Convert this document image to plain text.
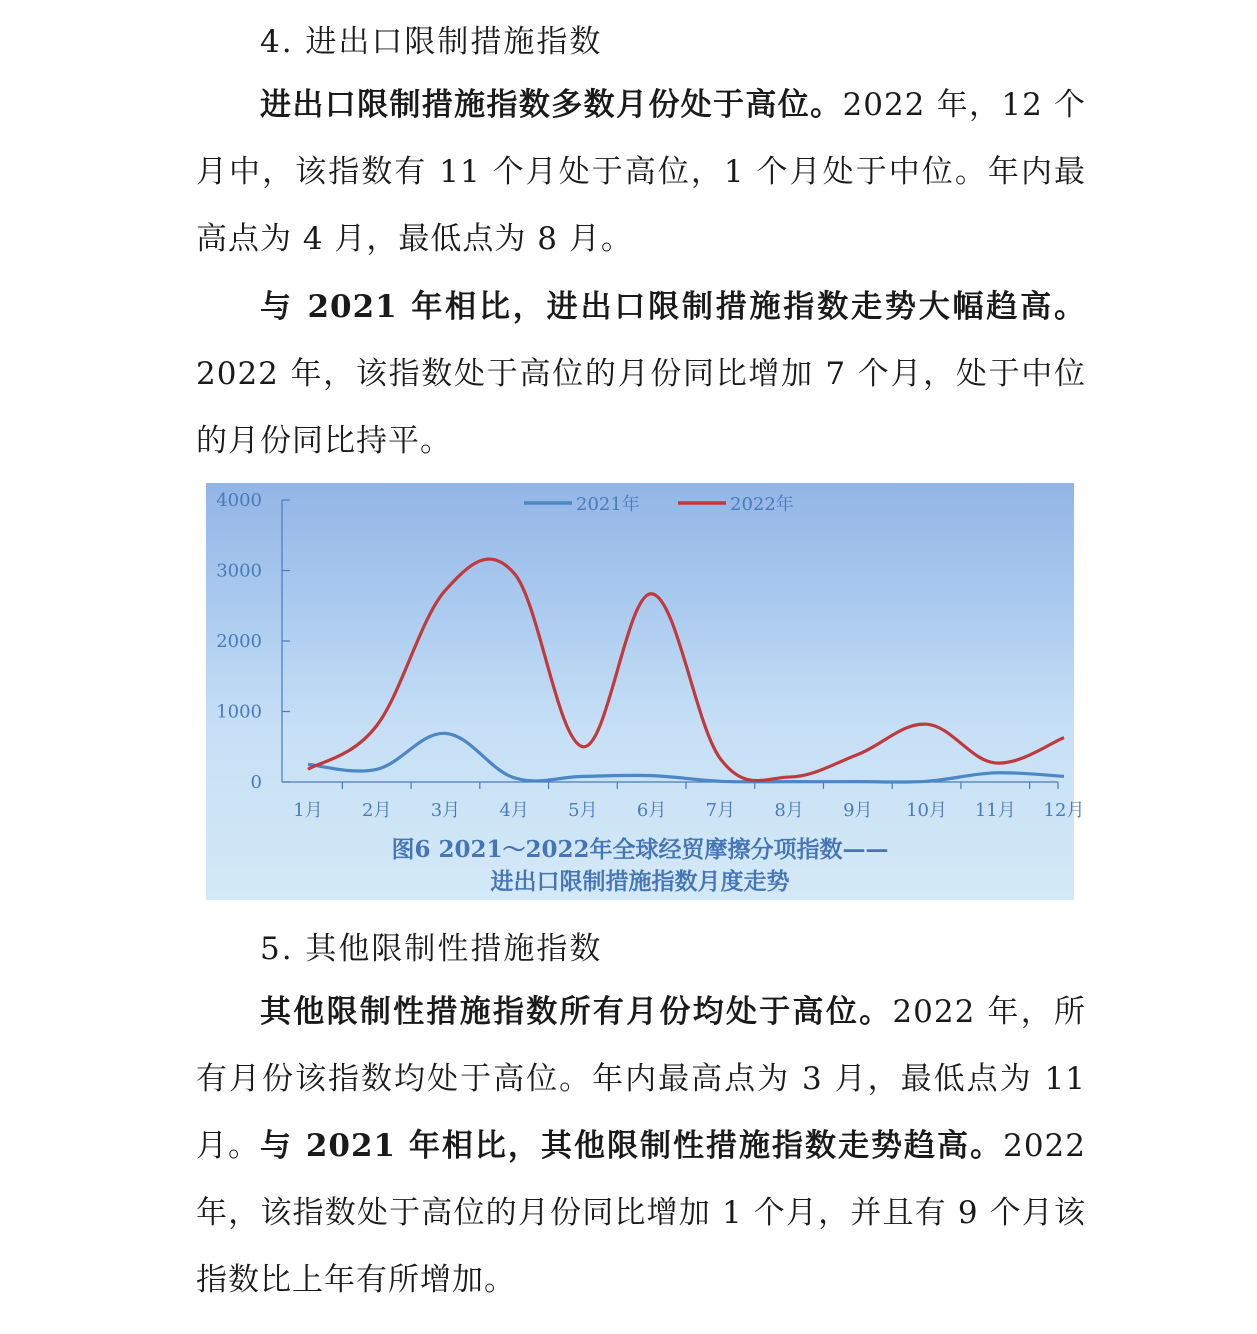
4. 进出口限制措施指数

进出口限制措施指数多数月份处于高位。2022 年，12 个月中，该指数有 11 个月处于高位，1 个月处于中位。年内最高点为 4 月，最低点为 8 月。

与 2021 年相比，进出口限制措施指数走势大幅趋高。2022 年，该指数处于高位的月份同比增加 7 个月，处于中位的月份同比持平。

0
1000
2000
3000
4000
1月 2月 3月 4月 5月 6月 7月 8月 9月 10月 11月 12月
2021年	2022年

图6 2021～2022年全球经贸摩擦分项指数——

进出口限制措施指数月度走势

5. 其他限制性措施指数

其他限制性措施指数所有月份均处于高位。2022 年，所有月份该指数均处于高位。年内最高点为 3 月，最低点为 11 月。 与 2021 年相比，其他限制性措施指数走势趋高。2022 年，该指数处于高位的月份同比增加 1 个月，并且有 9 个月该指数比上年有所增加。
